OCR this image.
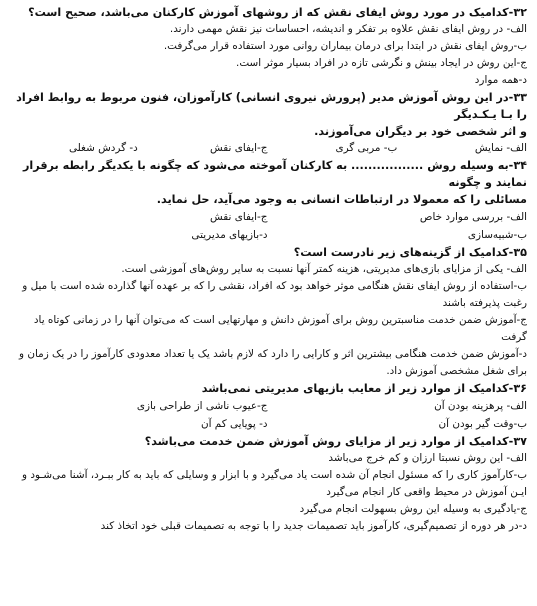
۳۲-کدامیک در مورد روش ایفای نقش که از روشهای آموزش کارکنان می‌باشد، صحیح است؟

الف- در روش ایفای نقش علاوه بر تفکر و اندیشه، احساسات نیز نقش مهمی دارند.

ب-روش ایفای نقش در ابتدا برای درمان بیماران روانی مورد استفاده قرار می‌گرفت.

ج-این روش در ایجاد بینش و نگرشی تازه در افراد بسیار موثر است.

د-همه موارد

۳۳-در این روش آموزش مدیر (پرورش نیروی انسانی) کارآموزان، فنون مربوط به روابط افراد را بـا یـکـدیگر

و اثر شخصی خود بر دیگران می‌آموزند.

الف- نمایش
ب- مربی گری
ج-ایفای نقش
د- گردش شغلی

۳۴-به وسیله روش ................. به کارکنان آموخته می‌شود که چگونه با یکدیگر رابطه برقرار نمایند و چگونه

مسائلی را که معمولا در ارتباطات انسانی به وجود می‌آید، حل نماید.

الف- بررسی موارد خاص
ج-ایفای نقش
ب-شبیه‌سازی
د-بازیهای مدیریتی

۳۵-کدامیک از گزینه‌های زیر نادرست است؟

الف- یکی از مزایای بازی‌های مدیریتی، هزینه کمتر آنها نسبت به سایر روش‌های آموزشی است.

ب-استفاده از روش ایفای نقش هنگامی موثر خواهد بود که افراد، نقشی را که بر عهده آنها گذارده شده است با میل و رغبت پذیرفته باشند

ج-آموزش ضمن خدمت مناسبترین روش برای آموزش دانش و مهارتهایی است که می‌توان آنها را در زمانی کوتاه یاد گرفت

د-آموزش ضمن خدمت هنگامی بیشترین اثر و کارایی را دارد که لازم باشد یک یا تعداد معدودی کارآموز را در یک زمان و برای شغل مشخصی آموزش داد.

۳۶-کدامیک از موارد زیر از معایب بازیهای مدیریتی نمی‌باشد

الف- پرهزینه بودن آن
ج-عیوب ناشی از طراحی بازی
ب-وقت گیر بودن آن
د- پویایی کم آن

۳۷-کدامیک از موارد زیر از مزایای روش آموزش ضمن خدمت می‌باشد؟

الف- این روش نسبتا ارزان و کم خرج می‌باشد

ب-کارآموز کاری را که مسئول انجام آن شده است یاد می‌گیرد و با ابزار و وسایلی که باید به کار ببـرد، آشنا می‌شـود و ایـن آموزش در محیط واقعی کار انجام می‌گیرد

ج-یادگیری به وسیله این روش بسهولت انجام می‌گیرد

د-در هر دوره از تصمیم‌گیری، کارآموز باید تصمیمات جدید را با توجه به تصمیمات قبلی خود اتخاذ کند
